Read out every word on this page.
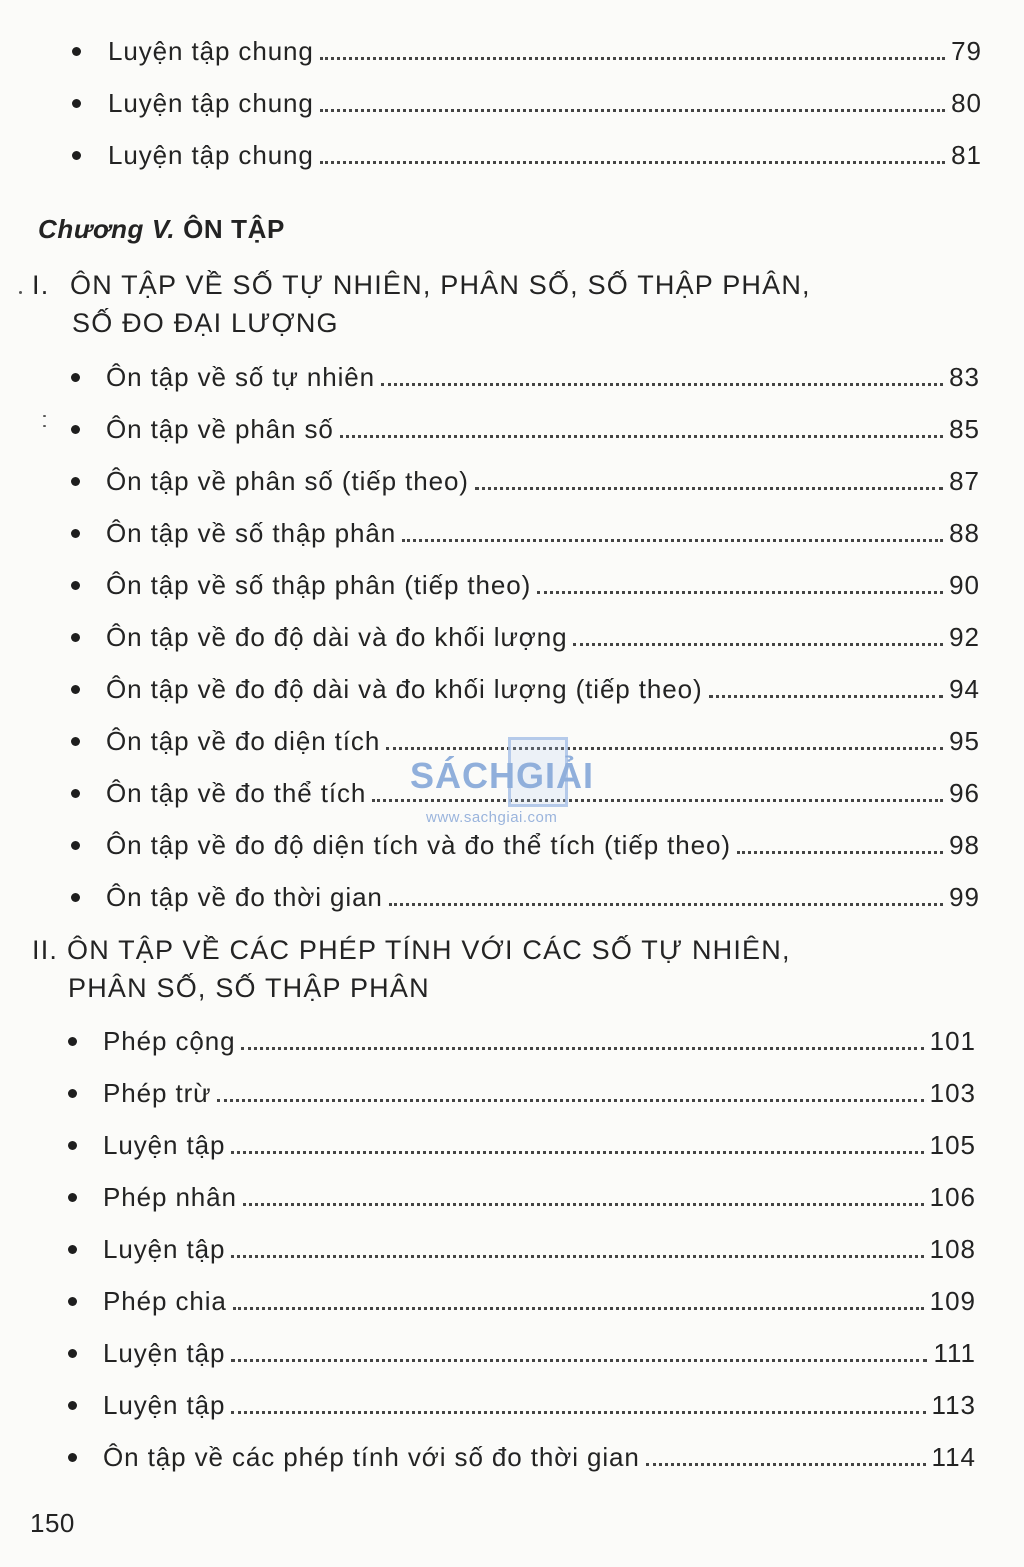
Luyện tập chung	79
Luyện tập chung	80
Luyện tập chung	81
Chương V. ÔN TẬP
I. ÔN TẬP VỀ SỐ TỰ NHIÊN, PHÂN SỐ, SỐ THẬP PHÂN,
SỐ ĐO ĐẠI LƯỢNG
Ôn tập về số tự nhiên	83
Ôn tập về phân số	85
Ôn tập về phân số (tiếp theo)	87
Ôn tập về số thập phân	88
Ôn tập về số thập phân (tiếp theo)	90
Ôn tập về đo độ dài và đo khối lượng	92
Ôn tập về đo độ dài và đo khối lượng (tiếp theo)	94
Ôn tập về đo diện tích	95
Ôn tập về đo thể tích	96
Ôn tập về đo độ diện tích và đo thể tích (tiếp theo)	98
Ôn tập về đo thời gian	99
II. ÔN TẬP VỀ CÁC PHÉP TÍNH VỚI CÁC SỐ TỰ NHIÊN,
PHÂN SỐ, SỐ THẬP PHÂN
Phép cộng	101
Phép trừ	103
Luyện tập	105
Phép nhân	106
Luyện tập	108
Phép chia	109
Luyện tập	111
Luyện tập	113
Ôn tập về các phép tính với số đo thời gian	114
SÁCHGIẢI
www.sachgiai.com
150
